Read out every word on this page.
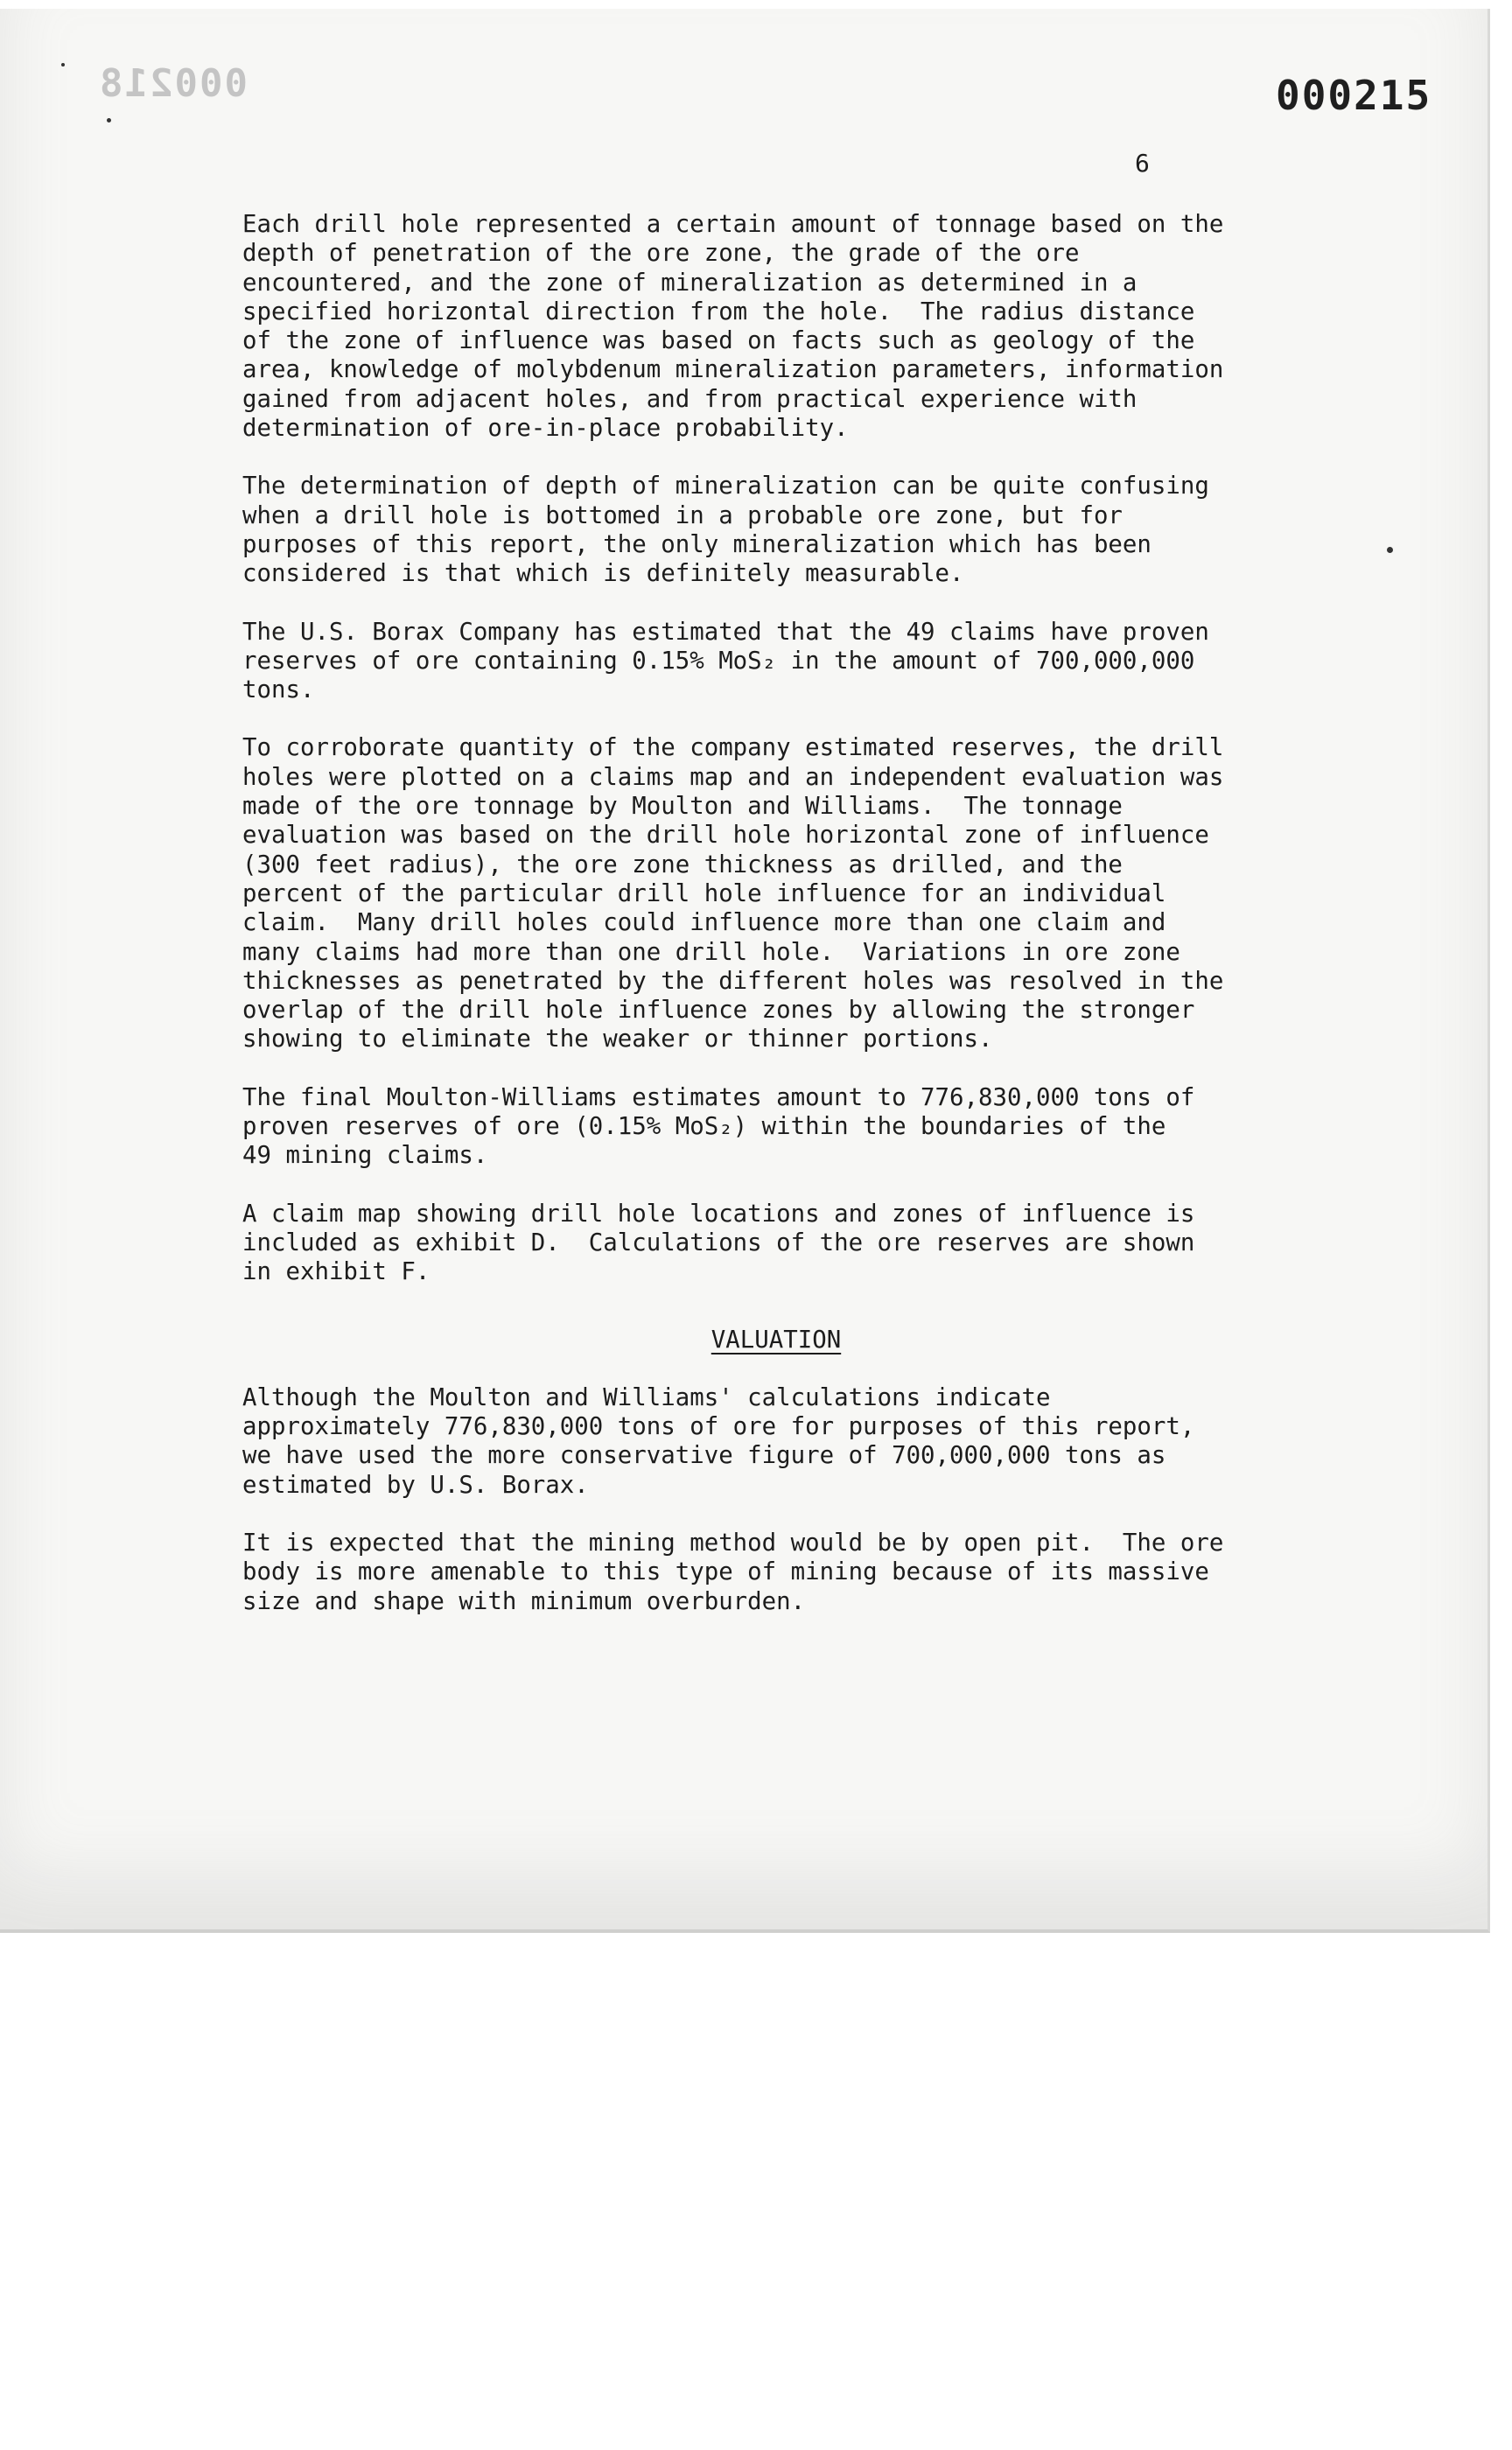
000218	000215
6

Each drill hole represented a certain amount of tonnage based on the
depth of penetration of the ore zone, the grade of the ore
encountered, and the zone of mineralization as determined in a
specified horizontal direction from the hole.  The radius distance
of the zone of influence was based on facts such as geology of the
area, knowledge of molybdenum mineralization parameters, information
gained from adjacent holes, and from practical experience with
determination of ore-in-place probability.

The determination of depth of mineralization can be quite confusing
when a drill hole is bottomed in a probable ore zone, but for
purposes of this report, the only mineralization which has been
considered is that which is definitely measurable.

The U.S. Borax Company has estimated that the 49 claims have proven
reserves of ore containing 0.15% MoS₂ in the amount of 700,000,000
tons.

To corroborate quantity of the company estimated reserves, the drill
holes were plotted on a claims map and an independent evaluation was
made of the ore tonnage by Moulton and Williams.  The tonnage
evaluation was based on the drill hole horizontal zone of influence
(300 feet radius), the ore zone thickness as drilled, and the
percent of the particular drill hole influence for an individual
claim.  Many drill holes could influence more than one claim and
many claims had more than one drill hole.  Variations in ore zone
thicknesses as penetrated by the different holes was resolved in the
overlap of the drill hole influence zones by allowing the stronger
showing to eliminate the weaker or thinner portions.

The final Moulton-Williams estimates amount to 776,830,000 tons of
proven reserves of ore (0.15% MoS₂) within the boundaries of the
49 mining claims.

A claim map showing drill hole locations and zones of influence is
included as exhibit D.  Calculations of the ore reserves are shown
in exhibit F.

VALUATION

Although the Moulton and Williams' calculations indicate
approximately 776,830,000 tons of ore for purposes of this report,
we have used the more conservative figure of 700,000,000 tons as
estimated by U.S. Borax.

It is expected that the mining method would be by open pit.  The ore
body is more amenable to this type of mining because of its massive
size and shape with minimum overburden.
